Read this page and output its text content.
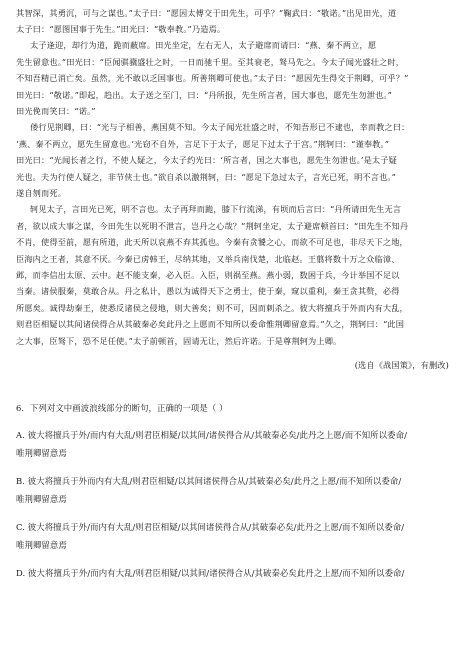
其智深，其勇沉，可与之谋也。”太子曰：“愿因太傅交于田先生，可乎？”鞠武曰：“敬诺。”出见田光，道
太子曰：“愿图国事于先生。”田光曰：“敬奉教。”乃造焉。
太子逢迎，却行为道，跪而蔽席。田光坐定，左右无人，太子避席而请曰：“燕、秦不两立，愿
先生留意也。”田光曰：“臣闻骐骥盛壮之时，一日而驰千里。至其衰老，驽马先之。今太子闻光盛壮之时，
不知吾精已消亡矣。虽然，光不敢以乏国事也。所善荆卿可使也。”太子曰：“愿因先生得交于荆卿，可乎？”
田光曰：“敬诺。”即起，趋出。太子送之至门，曰：“丹所报，先生所言者，国大事也，愿先生勿泄也。”
田光俛而笑曰：“诺。”
偻行见荆卿，曰：“光与子相善，燕国莫不知。今太子闻光壮盛之时，不知吾形已不逮也，幸而教之曰：
‘燕、秦不两立，愿先生留意也。’光窃不自外，言足下于太子，愿足下过太子于宫。”荆轲曰：“谨奉教。”
田光曰：“光闻长者之行，不使人疑之，今太子约光曰：‘所言者，国之大事也，愿先生勿泄也。’是太子疑
光也。夫为行使人疑之，非节侠士也。”欲自杀以激荆轲，曰：“愿足下急过太子，言光已死，明不言也。”
遂自刎而死。
轲见太子，言田光已死，明不言也。太子再拜而跪，膝下行流涕，有顷而后言曰：“丹所请田先生无言
者，欲以成大事之谋，今田先生以死明不泄言，岂丹之心哉？”荆轲坐定，太子避席顿首曰：“田先生不知丹
不肖，使得至前，愿有所道，此天所以哀燕不弃其孤也。今秦有贪饕之心，而欲不可足也，非尽天下之地，
臣海内之王者，其意不厌。今秦已虏韩王，尽纳其地，又举兵南伐楚，北临赵。王翦将数十万之众临漳、
邺，而李信出太原、云中。赵不能支秦，必入臣。入臣，则祸至燕。燕小弱，数困于兵，今计举国不足以
当秦。诸侯服秦，莫敢合从。丹之私计，愚以为诚得天下之勇士，使于秦，窥以重利，秦王贪其赘，必得
所愿矣。诚得劫秦王，使悉反诸侯之侵地，则大善矣；则不可，因而刺杀之。彼大将擅兵于外而内有大乱，
则君臣相疑以其间诸侯得合从其破秦必矣此丹之上愿而不知所以委命惟荆卿留意焉。”久之，荆轲曰：“此国
之大事，臣驽下，恐不足任使。”太子前顿首，固请无让，然后许诺。于是尊荆轲为上卿。
(选自《战国策》，有删改)
6．下列对文中画波浪线部分的断句，正确的一项是（ ）
A. 彼大将擅兵于外/而内有大乱/则君臣相疑/以其间/诸侯得合从/其破秦必矣/此丹之上愿/而不知所以委命/
唯荆卿留意焉
B. 彼大将擅兵于外而内有大乱/则君臣相疑/以其间诸侯得合从/其破秦必矣/此丹之上愿/而不知所以委命/
唯荆卿留意焉
C. 彼大将擅兵于外/而内有大乱/则君臣相疑/以其间诸侯得合从/其破秦必矣/此丹之上愿/而不知所以委命/
唯荆卿留意焉
D. 彼大将擅兵于外/而内有大乱/则君臣相疑/以其间/诸侯得合从/其破秦必矣此丹之上愿/而不知所以委命/
